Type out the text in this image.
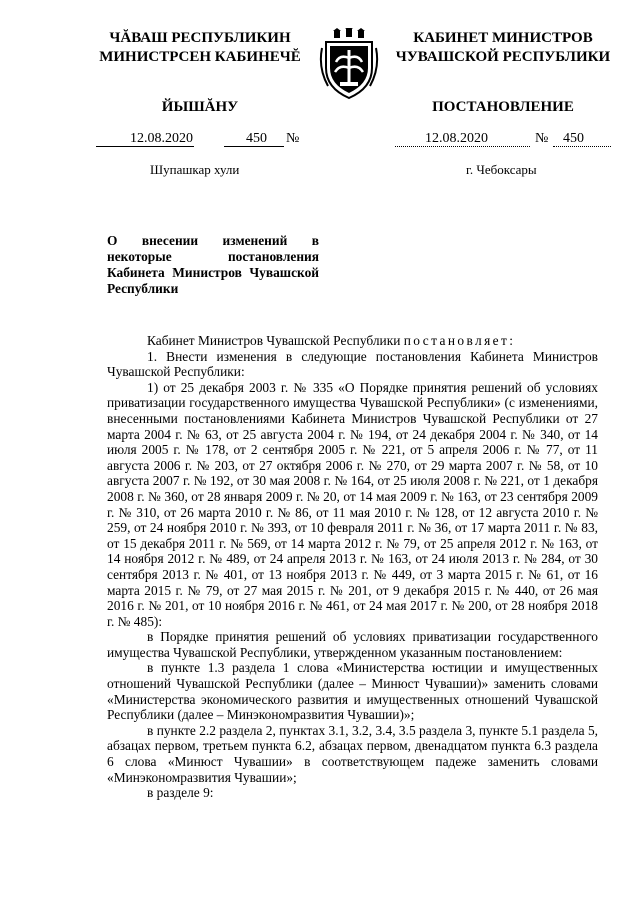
ЧĂВАШ РЕСПУБЛИКИН
МИНИСТРСЕН КАБИНЕЧĔ
КАБИНЕТ МИНИСТРОВ
ЧУВАШСКОЙ РЕСПУБЛИКИ
ЙЫШĂНУ	ПОСТАНОВЛЕНИЕ
12.08.2020	450 №	12.08.2020	№ 450
Шупашкар хули	г. Чебоксары
О внесении изменений в некоторые постановления Кабинета Министров Чувашской Республики

Кабинет Министров Чувашской Республики постановляет:

1. Внести изменения в следующие постановления Кабинета Министров Чувашской Республики:

1) от 25 декабря 2003 г. № 335 «О Порядке принятия решений об условиях приватизации государственного имущества Чувашской Республики» (с изменениями, внесенными постановлениями Кабинета Министров Чувашской Республики от 27 марта 2004 г. № 63, от 25 августа 2004 г. № 194, от 24 декабря 2004 г. № 340, от 14 июля 2005 г. № 178, от 2 сентября 2005 г. № 221, от 5 апреля 2006 г. № 77, от 11 августа 2006 г. № 203, от 27 октября 2006 г. № 270, от 29 марта 2007 г. № 58, от 10 августа 2007 г. № 192, от 30 мая 2008 г. № 164, от 25 июля 2008 г. № 221, от 1 декабря 2008 г. № 360, от 28 января 2009 г. № 20, от 14 мая 2009 г. № 163, от 23 сентября 2009 г. № 310, от 26 марта 2010 г. № 86, от 11 мая 2010 г. № 128, от 12 августа 2010 г. № 259, от 24 ноября 2010 г. № 393, от 10 февраля 2011 г. № 36, от 17 марта 2011 г. № 83, от 15 декабря 2011 г. № 569, от 14 марта 2012 г. № 79, от 25 апреля 2012 г. № 163, от 14 ноября 2012 г. № 489, от 24 апреля 2013 г. № 163, от 24 июля 2013 г. № 284, от 30 сентября 2013 г. № 401, от 13 ноября 2013 г. № 449, от 3 марта 2015 г. № 61, от 16 марта 2015 г. № 79, от 27 мая 2015 г. № 201, от 9 декабря 2015 г. № 440, от 26 мая 2016 г. № 201, от 10 ноября 2016 г. № 461, от 24 мая 2017 г. № 200, от 28 ноября 2018 г. № 485):

в Порядке принятия решений об условиях приватизации государственного имущества Чувашской Республики, утвержденном указанным постановлением:

в пункте 1.3 раздела 1 слова «Министерства юстиции и имущественных отношений Чувашской Республики (далее – Минюст Чувашии)» заменить словами «Министерства экономического развития и имущественных отношений Чувашской Республики (далее – Минэкономразвития Чувашии)»;

в пункте 2.2 раздела 2, пунктах 3.1, 3.2, 3.4, 3.5 раздела 3, пункте 5.1 раздела 5, абзацах первом, третьем пункта 6.2, абзацах первом, двенадцатом пункта 6.3 раздела 6 слова «Минюст Чувашии» в соответствующем падеже заменить словами «Минэкономразвития Чувашии»;

в разделе 9:
